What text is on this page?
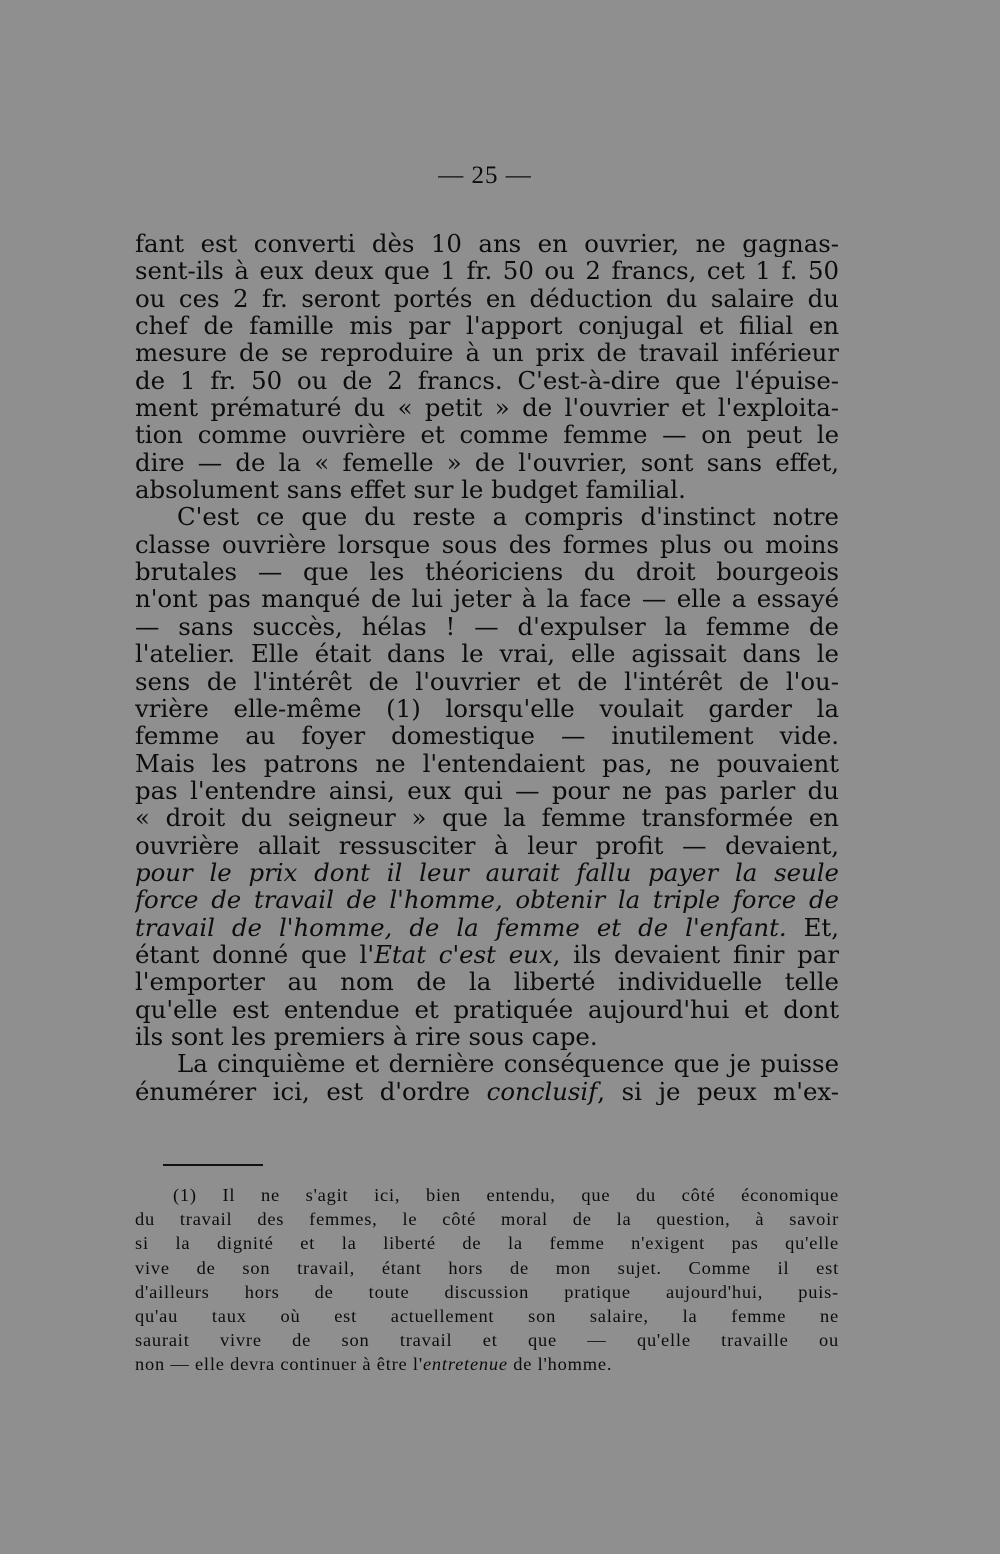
— 25 —
fant est converti dès 10 ans en ouvrier, ne gagnas-
sent-ils à eux deux que 1 fr. 50 ou 2 francs, cet 1 f. 50
ou ces 2 fr. seront portés en déduction du salaire du
chef de famille mis par l'apport conjugal et filial en
mesure de se reproduire à un prix de travail inférieur
de 1 fr. 50 ou de 2 francs. C'est-à-dire que l'épuise-
ment prématuré du « petit » de l'ouvrier et l'exploita-
tion comme ouvrière et comme femme — on peut le
dire — de la « femelle » de l'ouvrier, sont sans effet,
absolument sans effet sur le budget familial.
C'est ce que du reste a compris d'instinct notre
classe ouvrière lorsque sous des formes plus ou moins
brutales — que les théoriciens du droit bourgeois
n'ont pas manqué de lui jeter à la face — elle a essayé
— sans succès, hélas ! — d'expulser la femme de
l'atelier. Elle était dans le vrai, elle agissait dans le
sens de l'intérêt de l'ouvrier et de l'intérêt de l'ou-
vrière elle-même (1) lorsqu'elle voulait garder la
femme au foyer domestique — inutilement vide.
Mais les patrons ne l'entendaient pas, ne pouvaient
pas l'entendre ainsi, eux qui — pour ne pas parler du
« droit du seigneur » que la femme transformée en
ouvrière allait ressusciter à leur profit — devaient,
pour le prix dont il leur aurait fallu payer la seule
force de travail de l'homme, obtenir la triple force de
travail de l'homme, de la femme et de l'enfant. Et,
étant donné que l'Etat c'est eux, ils devaient finir par
l'emporter au nom de la liberté individuelle telle
qu'elle est entendue et pratiquée aujourd'hui et dont
ils sont les premiers à rire sous cape.
La cinquième et dernière conséquence que je puisse
énumérer ici, est d'ordre conclusif, si je peux m'ex-
(1) Il ne s'agit ici, bien entendu, que du côté économique
du travail des femmes, le côté moral de la question, à savoir
si la dignité et la liberté de la femme n'exigent pas qu'elle
vive de son travail, étant hors de mon sujet. Comme il est
d'ailleurs hors de toute discussion pratique aujourd'hui, puis-
qu'au taux où est actuellement son salaire, la femme ne
saurait vivre de son travail et que — qu'elle travaille ou
non — elle devra continuer à être l'entretenue de l'homme.
